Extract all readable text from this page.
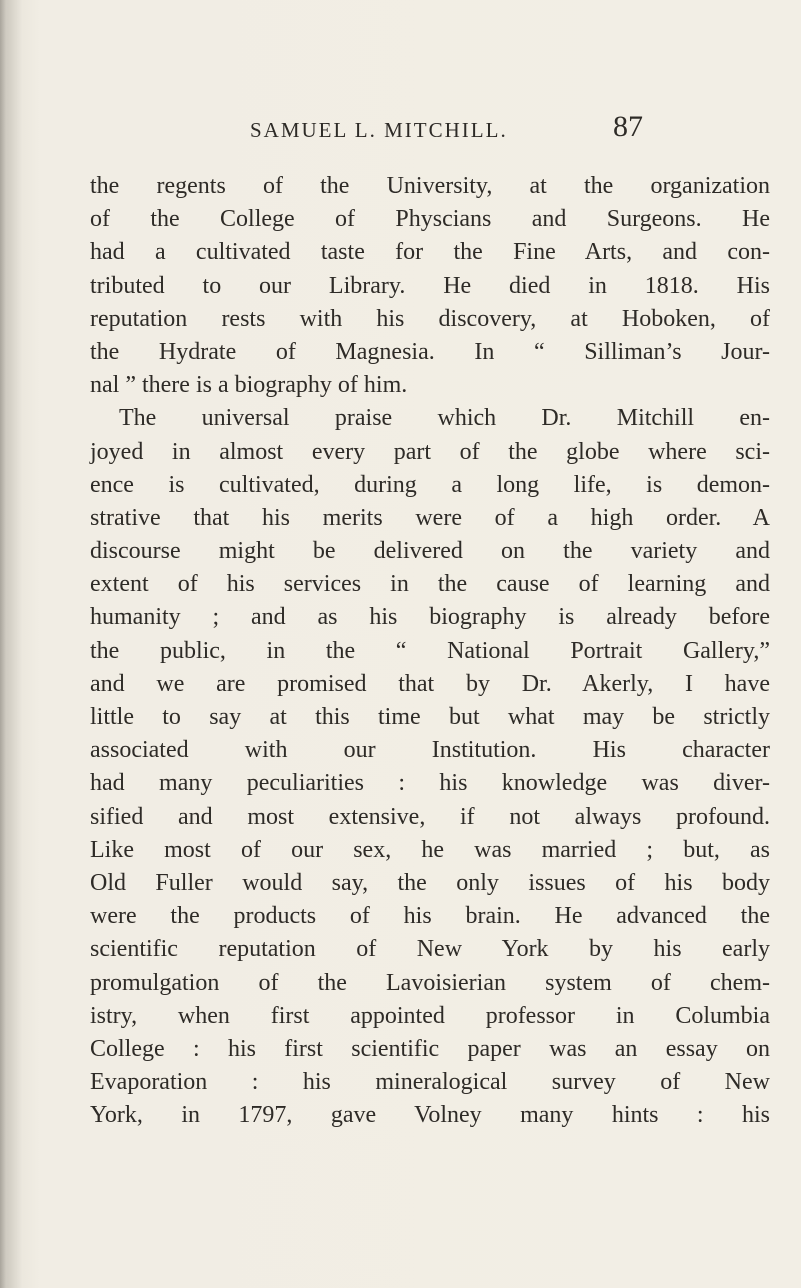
SAMUEL L. MITCHILL.	87
the regents of the University, at the organization
of the College of Physcians and Surgeons. He
had a cultivated taste for the Fine Arts, and con-
tributed to our Library. He died in 1818. His
reputation rests with his discovery, at Hoboken, of
the Hydrate of Magnesia. In “ Silliman’s Jour-
nal ” there is a biography of him.
The universal praise which Dr. Mitchill en-
joyed in almost every part of the globe where sci-
ence is cultivated, during a long life, is demon-
strative that his merits were of a high order. A
discourse might be delivered on the variety and
extent of his services in the cause of learning and
humanity ; and as his biography is already before
the public, in the “ National Portrait Gallery,”
and we are promised that by Dr. Akerly, I have
little to say at this time but what may be strictly
associated with our Institution. His character
had many peculiarities : his knowledge was diver-
sified and most extensive, if not always profound.
Like most of our sex, he was married ; but, as
Old Fuller would say, the only issues of his body
were the products of his brain. He advanced the
scientific reputation of New York by his early
promulgation of the Lavoisierian system of chem-
istry, when first appointed professor in Columbia
College : his first scientific paper was an essay on
Evaporation : his mineralogical survey of New
York, in 1797, gave Volney many hints : his
